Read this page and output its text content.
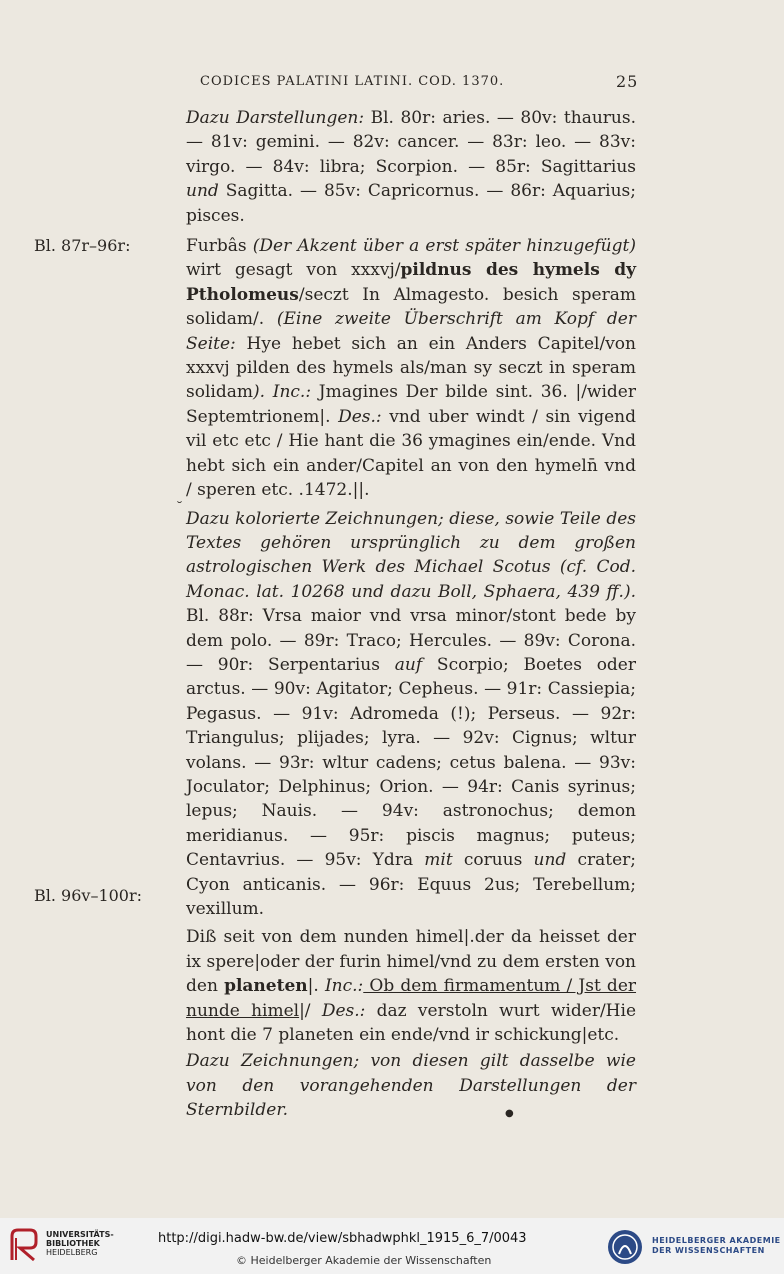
CODICES PALATINI LATINI. COD. 1370.	25
Bl. 87r–96r:
Bl. 96v–100r:
˘

Dazu Darstellungen: Bl. 80r: aries. — 80v: thaurus. — 81v: gemini. — 82v: cancer. — 83r: leo. — 83v: virgo. — 84v: libra; Scorpion. — 85r: Sagittarius und Sagitta. — 85v: Capricornus. — 86r: Aquarius; pisces.

Furbâs (Der Akzent über a erst später hinzugefügt) wirt gesagt von xxxvj/pildnus des hymels dy Ptholomeus/seczt In Almagesto. besich speram solidam/. (Eine zweite Überschrift am Kopf der Seite: Hye hebet sich an ein Anders Capitel/von xxxvj pilden des hymels als/man sy seczt in speram solidam). Inc.: Jmagines Der bilde sint. 36. |/wider Septemtrionem|. Des.: vnd uber windt / sin vigend vil etc etc / Hie hant die 36 ymagines ein/ende. Vnd hebt sich ein ander/Capitel an von den hymeln̄ vnd / speren etc. .1472.||.

Dazu kolorierte Zeichnungen; diese, sowie Teile des Textes gehören ursprünglich zu dem großen astrologischen Werk des Michael Scotus (cf. Cod. Monac. lat. 10268 und dazu Boll, Sphaera, 439 ff.). Bl. 88r: Vrsa maior vnd vrsa minor/stont bede by dem polo. — 89r: Traco; Hercules. — 89v: Corona. — 90r: Serpentarius auf Scorpio; Boetes oder arctus. — 90v: Agitator; Cepheus. — 91r: Cassiepia; Pegasus. — 91v: Adromeda (!); Perseus. — 92r: Triangulus; plijades; lyra. — 92v: Cignus; wltur volans. — 93r: wltur cadens; cetus balena. — 93v: Joculator; Delphinus; Orion. — 94r: Canis syrinus; lepus; Nauis. — 94v: astronochus; demon meridianus. — 95r: piscis magnus; puteus; Centavrius. — 95v: Ydra mit coruus und crater; Cyon anticanis. — 96r: Equus 2us; Terebellum; vexillum.

Diß seit von dem nunden himel|.der da heisset der ix spere|oder der furin himel/vnd zu dem ersten von den planeten|. Inc.: Ob dem firmamentum / Jst der nunde himel|/ Des.: daz verstoln wurt wider/Hie hont die 7 planeten ein ende/vnd ir schickung|etc.

Dazu Zeichnungen; von diesen gilt dasselbe wie von den vorangehenden Darstellungen der Sternbilder.	●
UNIVERSITÄTS-
BIBLIOTHEK
HEIDELBERG
http://digi.hadw-bw.de/view/sbhadwphkl_1915_6_7/0043
© Heidelberger Akademie der Wissenschaften
HEIDELBERGER AKADEMIE
DER WISSENSCHAFTEN
